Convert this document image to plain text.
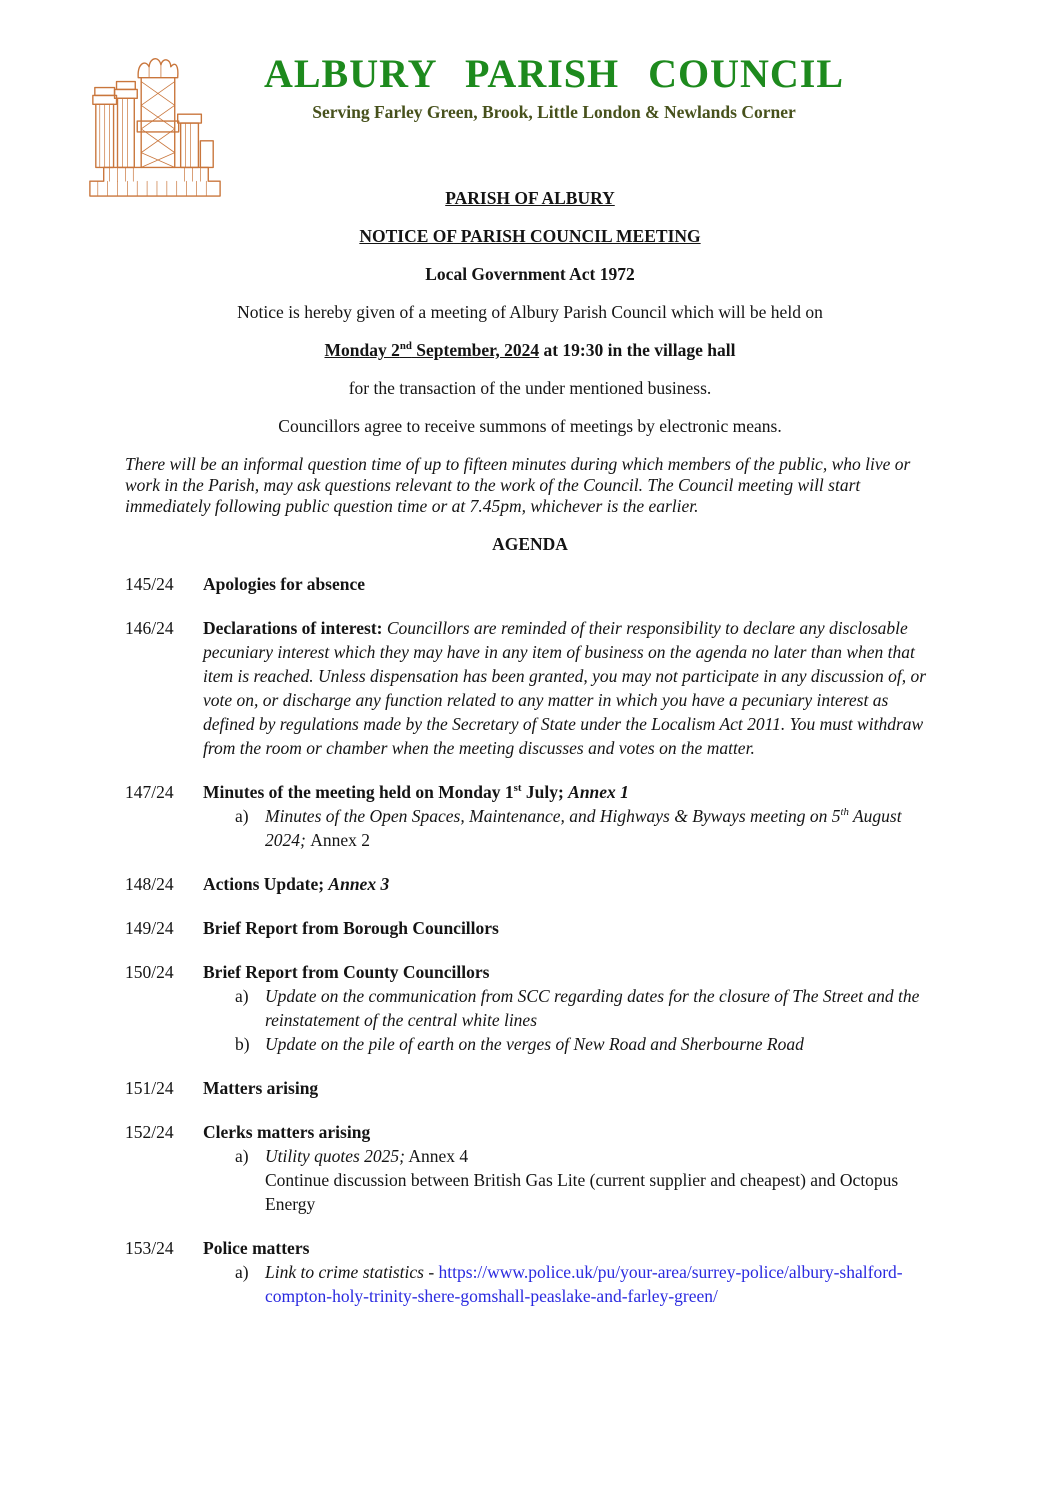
ALBURY PARISH COUNCIL
Serving Farley Green, Brook, Little London & Newlands Corner

PARISH OF ALBURY

NOTICE OF PARISH COUNCIL MEETING

Local Government Act 1972

Notice is hereby given of a meeting of Albury Parish Council which will be held on

Monday 2nd September, 2024 at 19:30 in the village hall

for the transaction of the under mentioned business.

Councillors agree to receive summons of meetings by electronic means.

There will be an informal question time of up to fifteen minutes during which members of the public, who live or work in the Parish, may ask questions relevant to the work of the Council. The Council meeting will start immediately following public question time or at 7.45pm, whichever is the earlier.

AGENDA

145/24	Apologies for absence
146/24	Declarations of interest: Councillors are reminded of their responsibility to declare any disclosable pecuniary interest which they may have in any item of business on the agenda no later than when that item is reached. Unless dispensation has been granted, you may not participate in any discussion of, or vote on, or discharge any function related to any matter in which you have a pecuniary interest as defined by regulations made by the Secretary of State under the Localism Act 2011. You must withdraw from the room or chamber when the meeting discusses and votes on the matter.
147/24	Minutes of the meeting held on Monday 1st July; Annex 1
a) Minutes of the Open Spaces, Maintenance, and Highways & Byways meeting on 5th August 2024; Annex 2
148/24	Actions Update; Annex 3
149/24	Brief Report from Borough Councillors
150/24	Brief Report from County Councillors
a) Update on the communication from SCC regarding dates for the closure of The Street and the reinstatement of the central white lines
b) Update on the pile of earth on the verges of New Road and Sherbourne Road
151/24	Matters arising
152/24	Clerks matters arising
a) Utility quotes 2025; Annex 4
Continue discussion between British Gas Lite (current supplier and cheapest) and Octopus Energy
153/24	Police matters
a) Link to crime statistics - https://www.police.uk/pu/your-area/surrey-police/albury-shalford- compton-holy-trinity-shere-gomshall-peaslake-and-farley-green/
